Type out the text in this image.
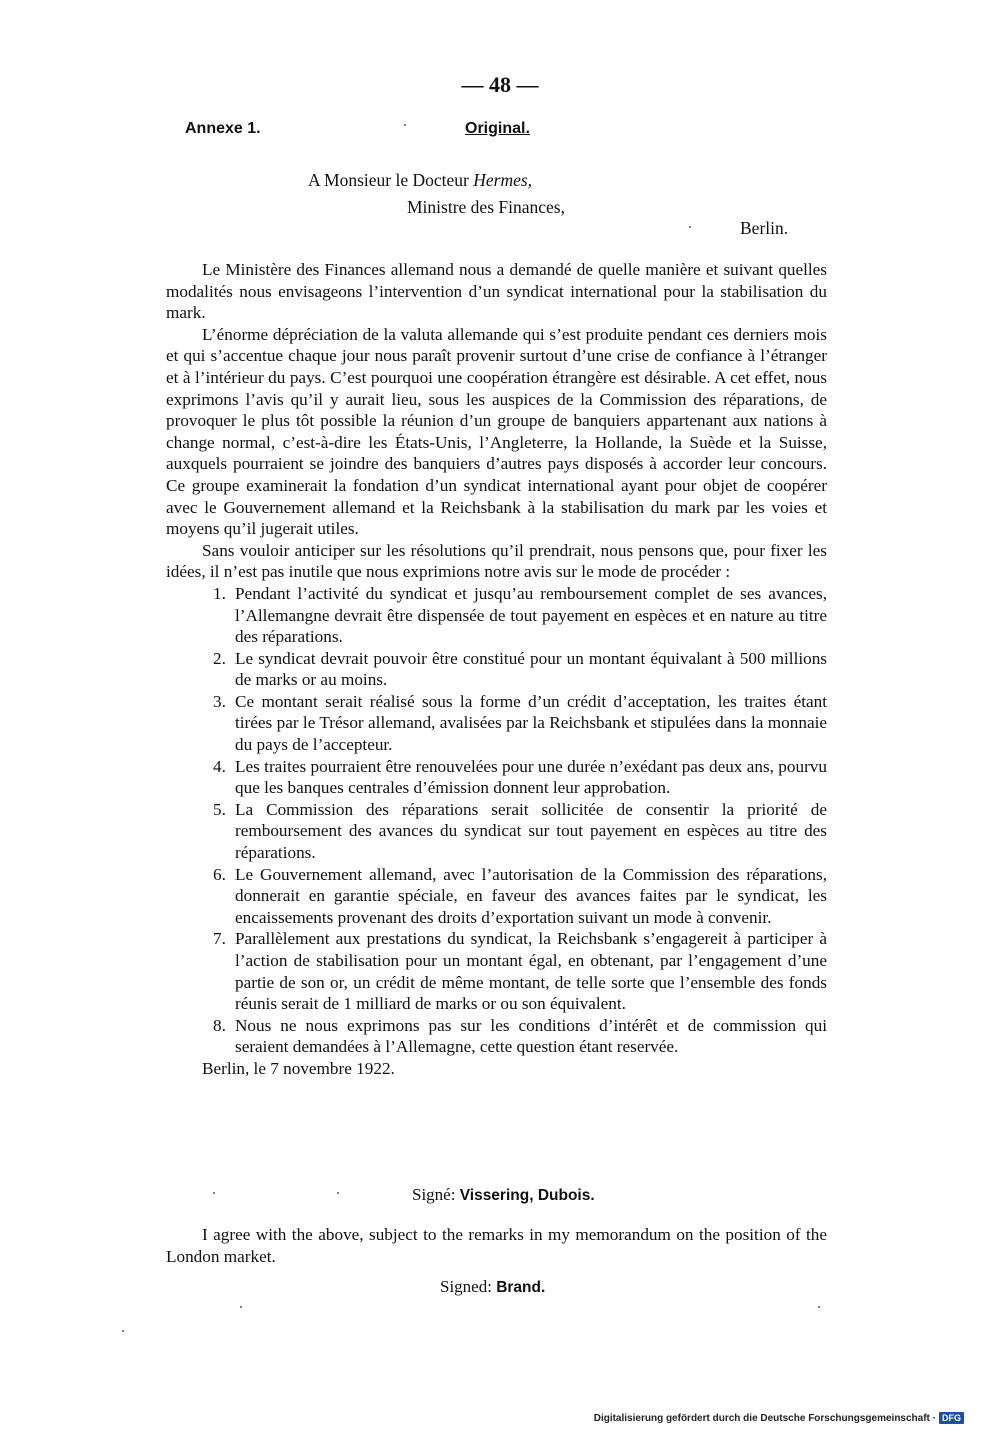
— 48 —
Annexe 1.	Original.
A Monsieur le Docteur Hermes,
Ministre des Finances,
Berlin.

Le Ministère des Finances allemand nous a demandé de quelle manière et suivant quelles modalités nous envisageons l’intervention d’un syndicat international pour la stabilisation du mark.

L’énorme dépréciation de la valuta allemande qui s’est produite pendant ces derniers mois et qui s’accentue chaque jour nous paraît provenir surtout d’une crise de confiance à l’étranger et à l’intérieur du pays. C’est pourquoi une coopération étrangère est désirable. A cet effet, nous exprimons l’avis qu’il y aurait lieu, sous les auspices de la Commission des réparations, de provoquer le plus tôt possible la réunion d’un groupe de banquiers appartenant aux nations à change normal, c’est-à-dire les États-Unis, l’Angleterre, la Hollande, la Suède et la Suisse, auxquels pourraient se joindre des banquiers d’autres pays disposés à accorder leur concours. Ce groupe examinerait la fondation d’un syndicat international ayant pour objet de coopérer avec le Gouvernement allemand et la Reichsbank à la stabilisation du mark par les voies et moyens qu’il jugerait utiles.

Sans vouloir anticiper sur les résolutions qu’il prendrait, nous pensons que, pour fixer les idées, il n’est pas inutile que nous exprimions notre avis sur le mode de procéder :

1. Pendant l’activité du syndicat et jusqu’au remboursement complet de ses avances, l’Allemangne devrait être dispensée de tout payement en espèces et en nature au titre des réparations.
2. Le syndicat devrait pouvoir être constitué pour un montant équivalant à 500 millions de marks or au moins.
3. Ce montant serait réalisé sous la forme d’un crédit d’acceptation, les traites étant tirées par le Trésor allemand, avalisées par la Reichsbank et stipulées dans la monnaie du pays de l’accepteur.
4. Les traites pourraient être renouvelées pour une durée n’exédant pas deux ans, pourvu que les banques centrales d’émission donnent leur approbation.
5. La Commission des réparations serait sollicitée de consentir la priorité de remboursement des avances du syndicat sur tout payement en espèces au titre des réparations.
6. Le Gouvernement allemand, avec l’autorisation de la Commission des réparations, donnerait en garantie spéciale, en faveur des avances faites par le syndicat, les encaissements provenant des droits d’exportation suivant un mode à convenir.
7. Parallèlement aux prestations du syndicat, la Reichsbank s’engagereit à participer à l’action de stabilisation pour un montant égal, en obtenant, par l’engagement d’une partie de son or, un crédit de même montant, de telle sorte que l’ensemble des fonds réunis serait de 1 milliard de marks or ou son équivalent.
8. Nous ne nous exprimons pas sur les conditions d’intérêt et de commission qui seraient demandées à l’Allemagne, cette question étant reservée.

Berlin, le 7 novembre 1922.

Signé: Vissering, Dubois.

I agree with the above, subject to the remarks in my memorandum on the position of the London market.

Signed: Brand.
Digitalisierung gefördert durch die Deutsche Forschungsgemeinschaft · DFG
